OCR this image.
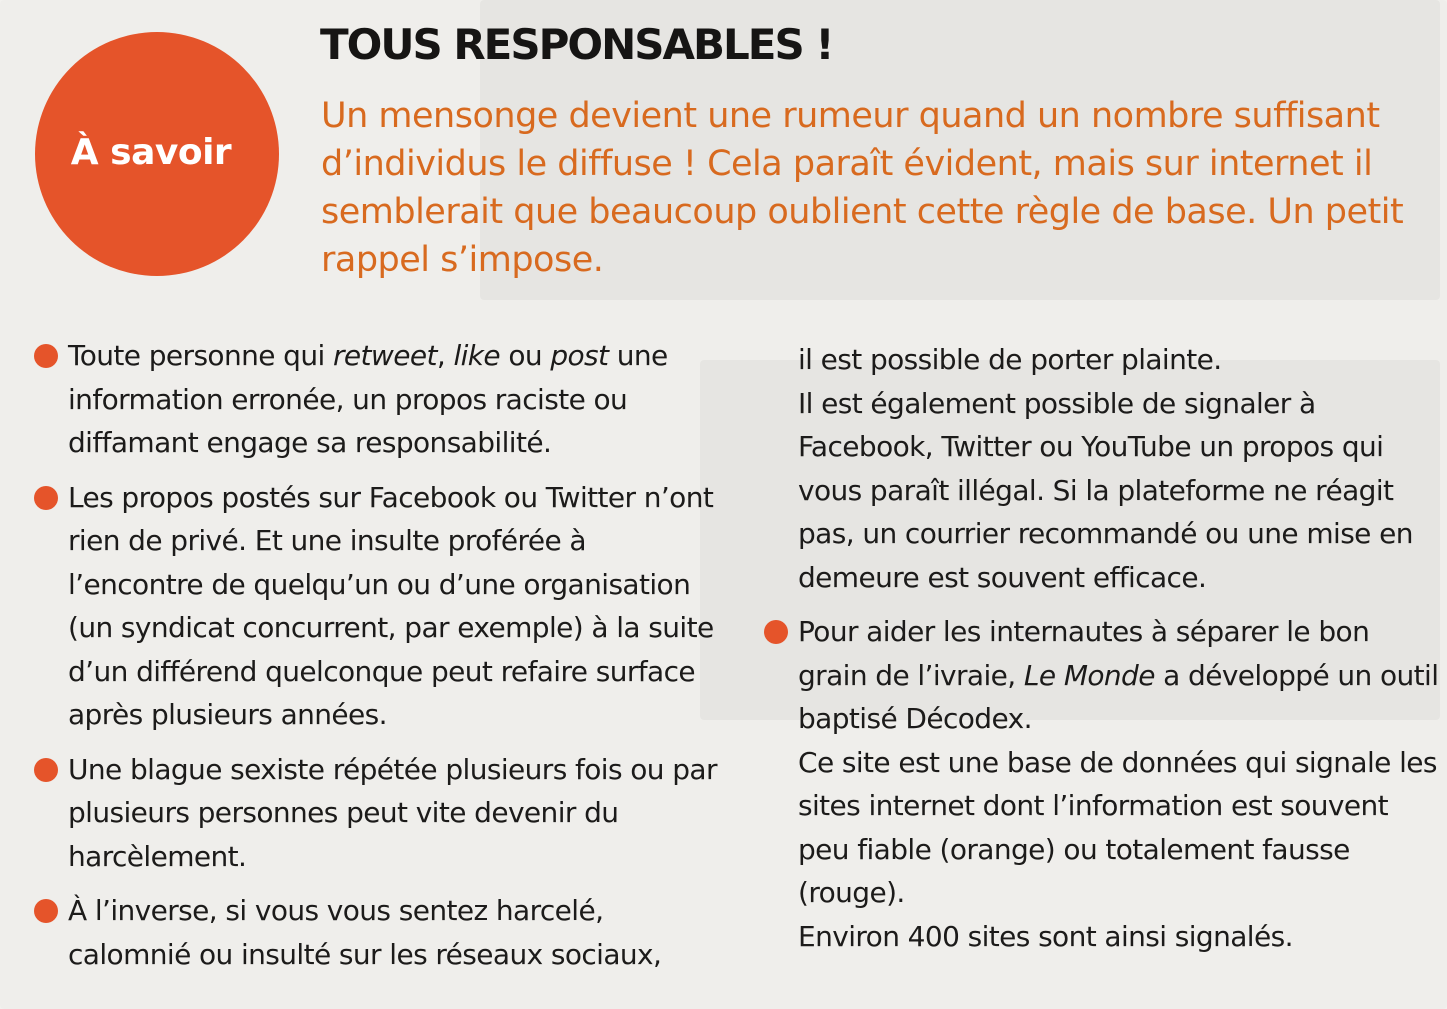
À savoir
TOUS RESPONSABLES !

Un mensonge devient une rumeur quand un nombre suffisant d’individus le diffuse ! Cela paraît évident, mais sur internet il semblerait que beaucoup oublient cette règle de base. Un petit rappel s’impose.

Toute personne qui retweet, like ou post une information erronée, un propos raciste ou diffamant engage sa responsabilité.

Les propos postés sur Facebook ou Twitter n’ont rien de privé. Et une insulte proférée à l’encontre de quelqu’un ou d’une organisation (un syndicat concurrent, par exemple) à la suite d’un différend quelconque peut refaire surface après plusieurs années.

Une blague sexiste répétée plusieurs fois ou par plusieurs personnes peut vite devenir du harcèlement.

À l’inverse, si vous vous sentez harcelé, calomnié ou insulté sur les réseaux sociaux,

il est possible de porter plainte.

Il est également possible de signaler à Facebook, Twitter ou YouTube un propos qui vous paraît illégal. Si la plateforme ne réagit pas, un courrier recommandé ou une mise en demeure est souvent efficace.

Pour aider les internautes à séparer le bon grain de l’ivraie, Le Monde a développé un outil baptisé Décodex.

Ce site est une base de données qui signale les sites internet dont l’information est souvent peu fiable (orange) ou totalement fausse (rouge).

Environ 400 sites sont ainsi signalés.
